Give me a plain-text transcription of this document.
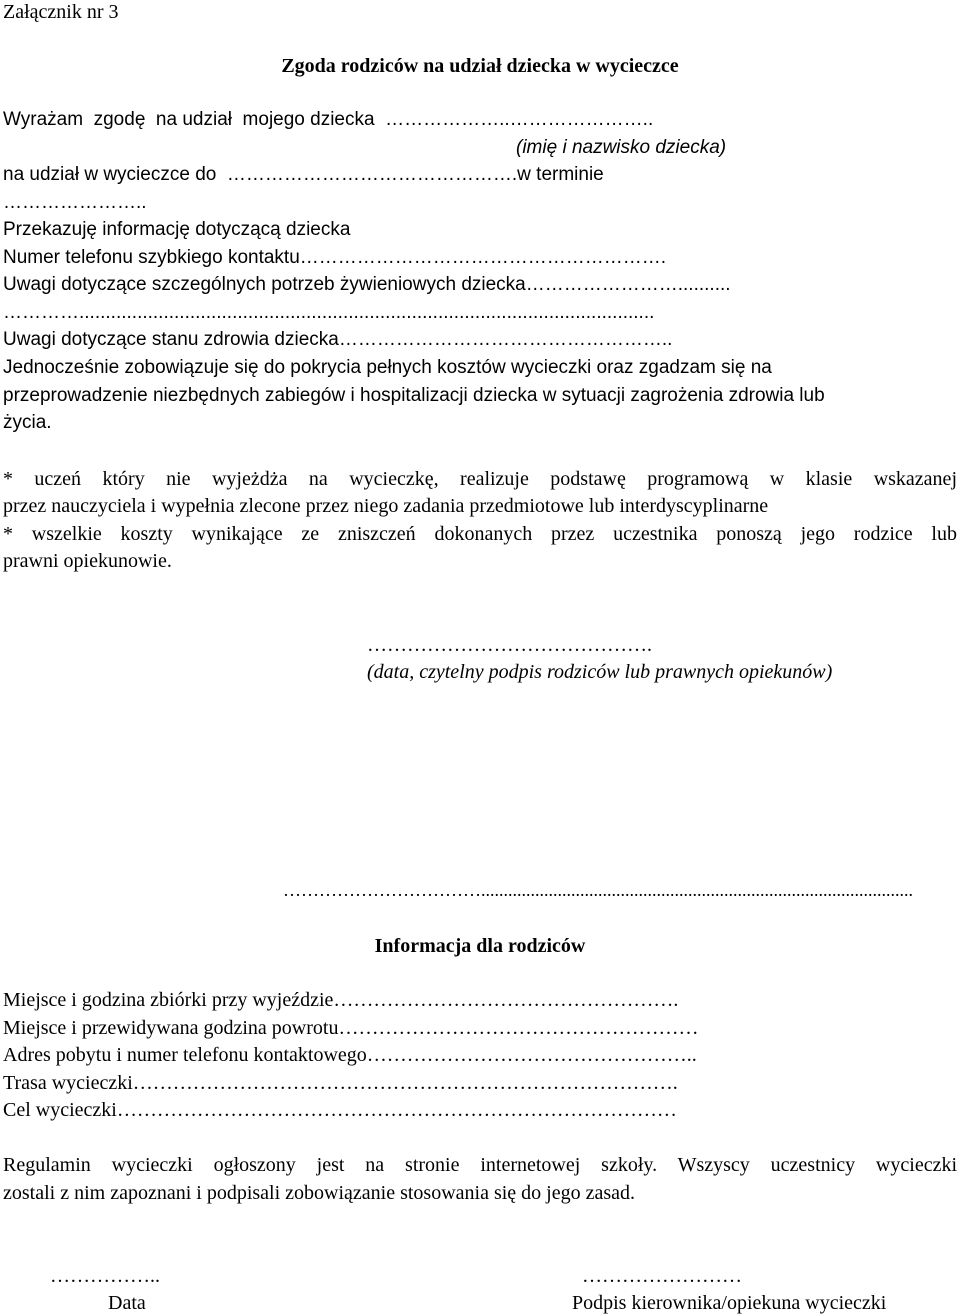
Załącznik nr 3
Zgoda rodziców na udział dziecka w wycieczce
Wyrażam  zgodę  na udział  mojego dziecka  ………………..…………………..
(imię i nazwisko dziecka)
na udział w wycieczce do  ……………………………………….w terminie
…………………..
Przekazuję informację dotyczącą dziecka
Numer telefonu szybkiego kontaktu………………………………………………….
Uwagi dotyczące szczególnych potrzeb żywieniowych dziecka……………………..........
………….............................................................................................................
Uwagi dotyczące stanu zdrowia dziecka……………………………………………..
Jednocześnie zobowiązuje się do pokrycia pełnych kosztów wycieczki oraz zgadzam się na
przeprowadzenie niezbędnych zabiegów i hospitalizacji dziecka w sytuacji zagrożenia zdrowia lub
życia.
* uczeń który nie wyjeżdża na wycieczkę, realizuje podstawę programową w klasie wskazanej
przez nauczyciela i wypełnia zlecone przez niego zadania przedmiotowe lub interdyscyplinarne
* wszelkie koszty wynikające ze zniszczeń dokonanych przez uczestnika ponoszą jego rodzice lub
prawni opiekunowie.
…………………………………….
(data, czytelny podpis rodziców lub prawnych opiekunów)
……………………………................................................................................................
Informacja dla rodziców
Miejsce i godzina zbiórki przy wyjeździe…………………………………………….
Miejsce i przewidywana godzina powrotu………………………………………………
Adres pobytu i numer telefonu kontaktowego…………………………………………..
Trasa wycieczki……………………………………………………………………….
Cel wycieczki…………………………………………………………………………
Regulamin wycieczki ogłoszony jest na stronie internetowej szkoły. Wszyscy uczestnicy wycieczki
zostali z nim zapoznani i podpisali zobowiązanie stosowania się do jego zasad.
……………..
Data
……………………
Podpis kierownika/opiekuna wycieczki
